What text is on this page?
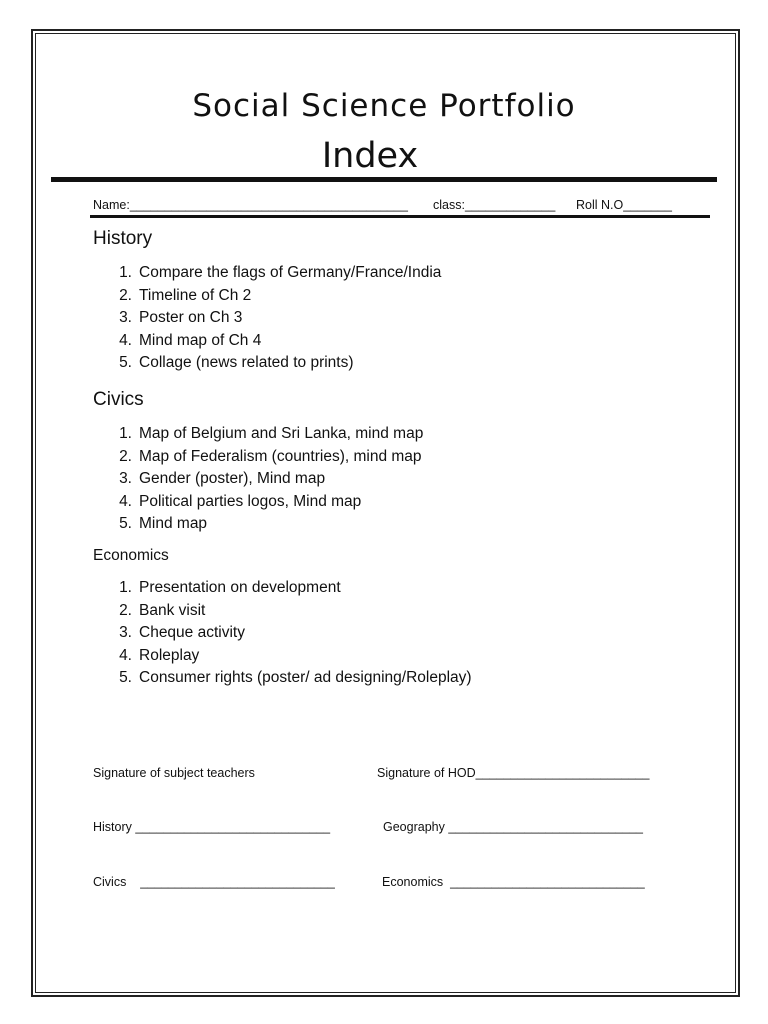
Social Science Portfolio
Index
Name:________________________________________ class:_____________ Roll N.O_______
History
1. Compare the flags of Germany/France/India
2. Timeline of Ch 2
3. Poster on Ch 3
4. Mind map of Ch 4
5. Collage (news related to prints)
Civics
1. Map of Belgium and Sri Lanka, mind map
2. Map of Federalism (countries), mind map
3. Gender (poster), Mind map
4. Political parties logos, Mind map
5. Mind map
Economics
1. Presentation on development
2. Bank visit
3. Cheque activity
4. Roleplay
5. Consumer rights (poster/ ad designing/Roleplay)
Signature of subject teachers	Signature of HOD_________________________
History ____________________________	Geography ____________________________
Civics    ____________________________	Economics  ____________________________
